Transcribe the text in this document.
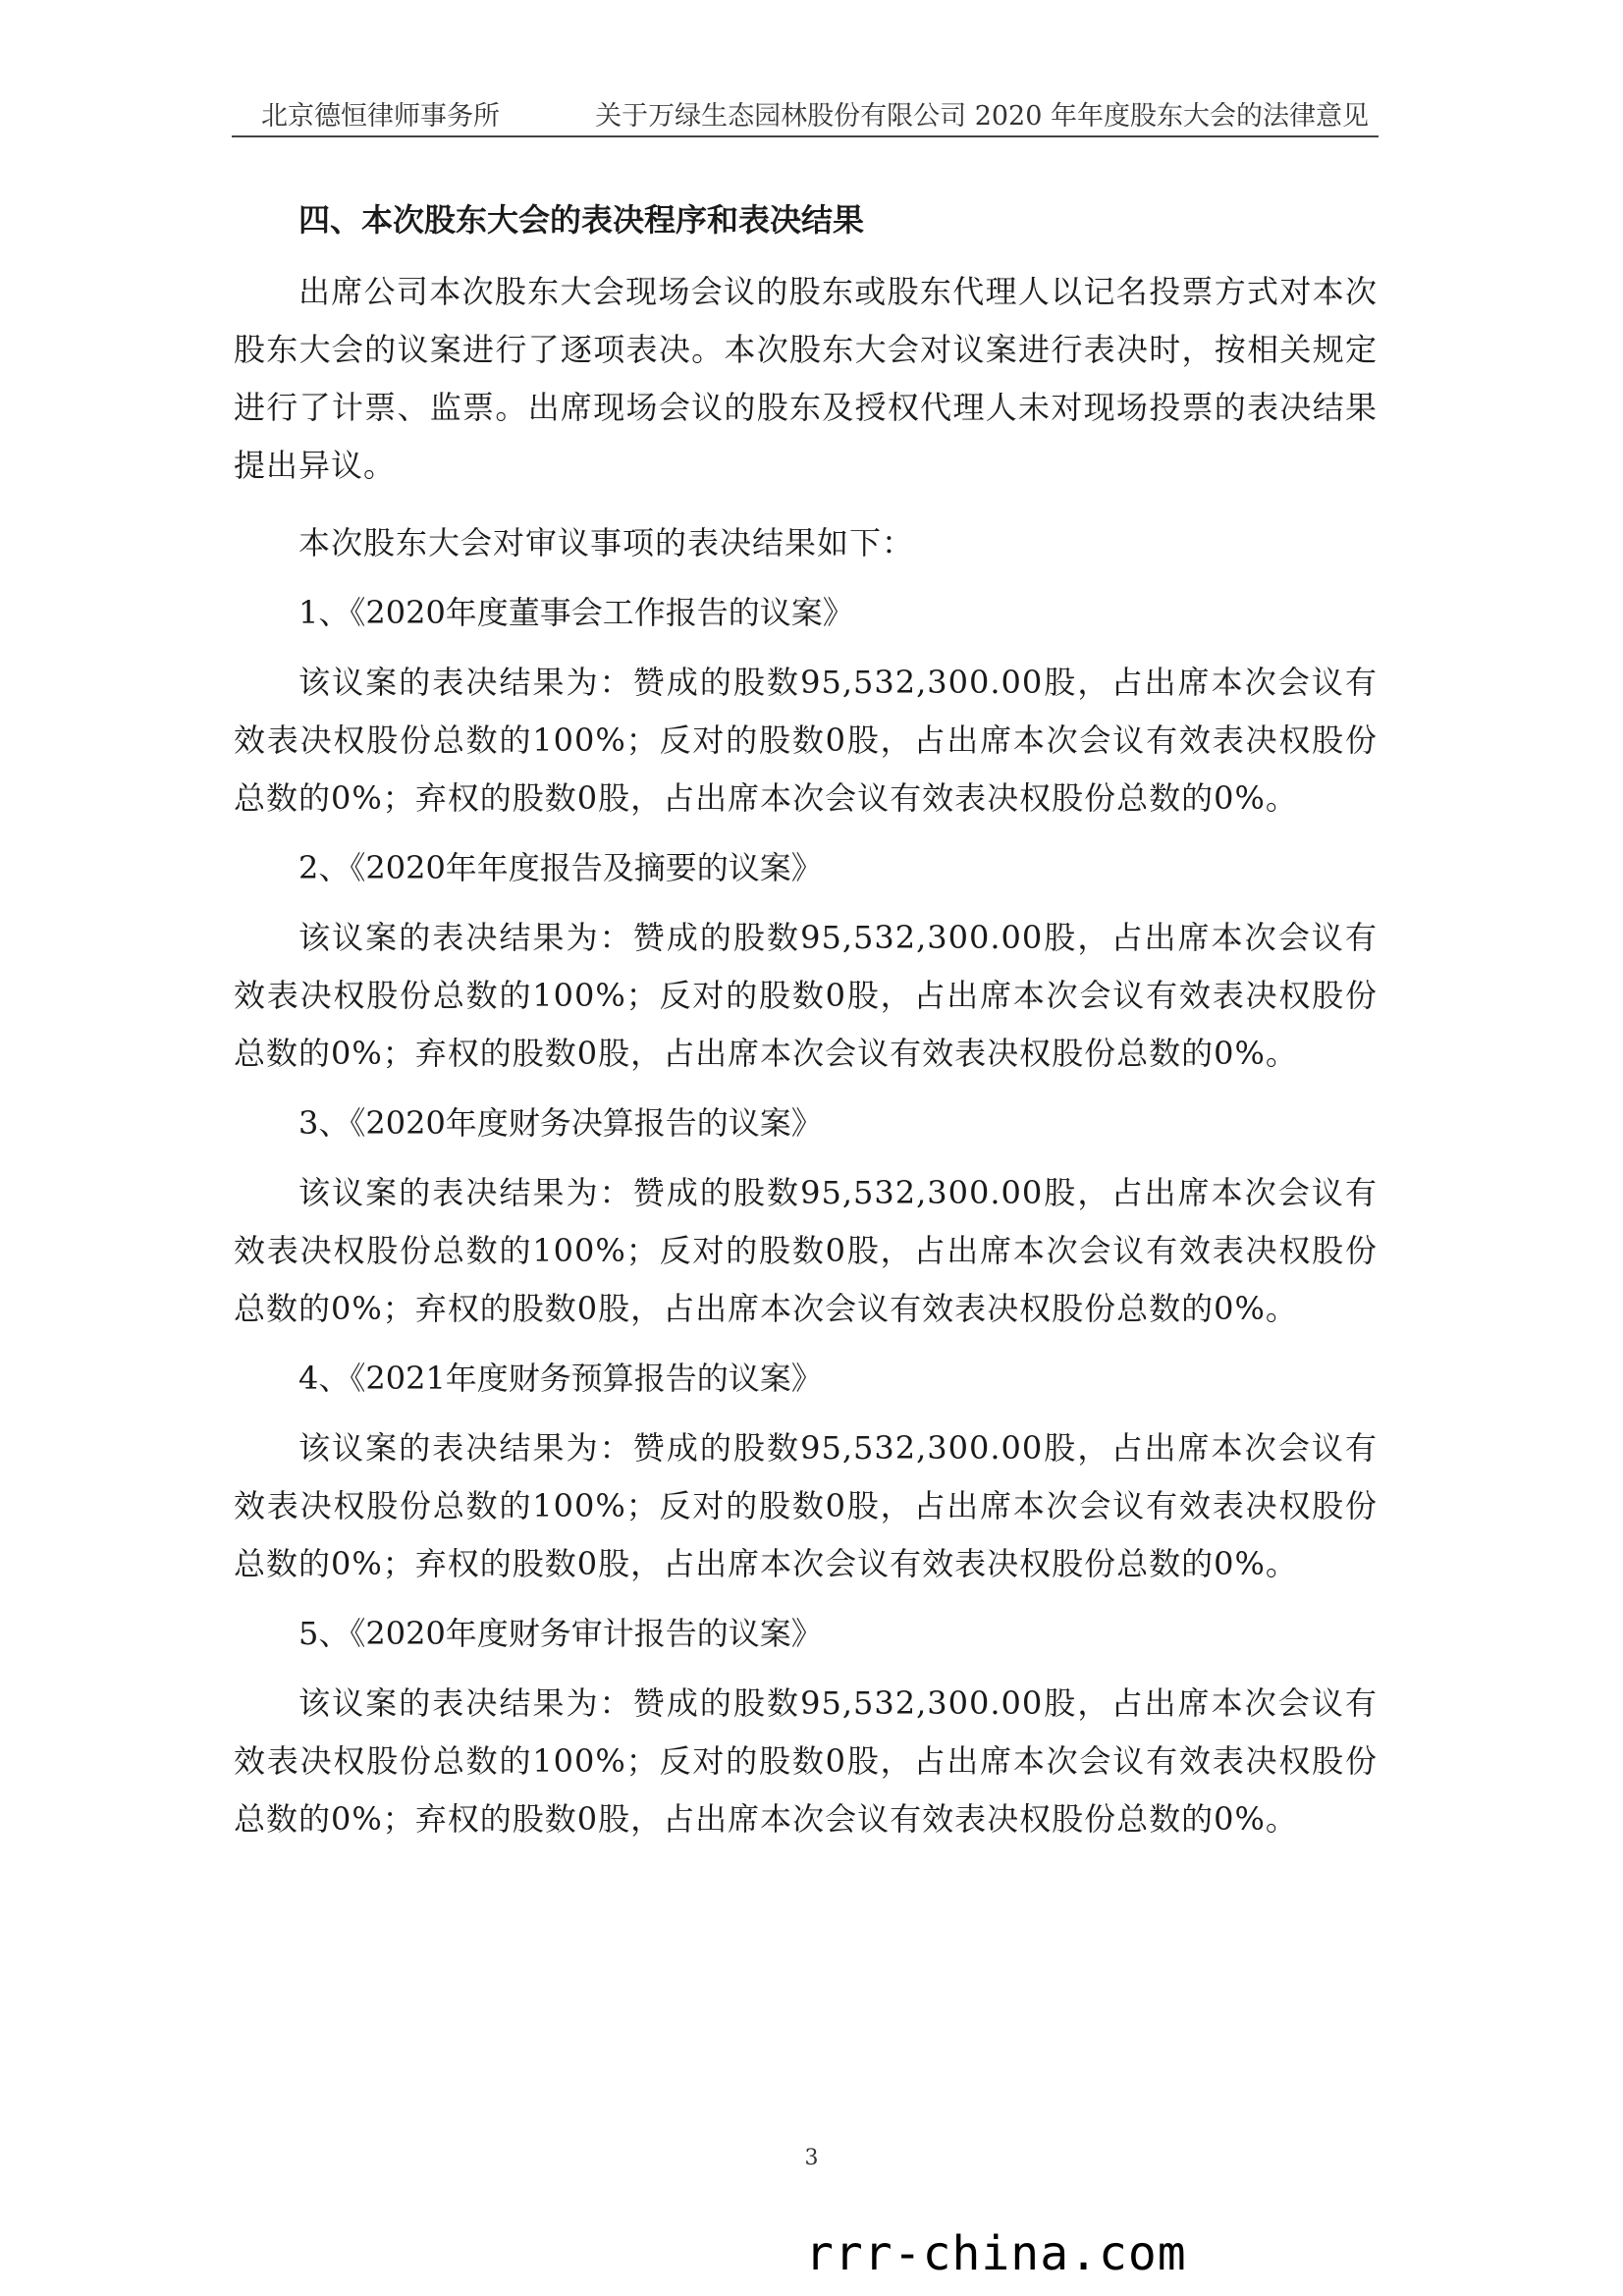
北京德恒律师事务所	关于万绿生态园林股份有限公司 2020 年年度股东大会的法律意见

四、本次股东大会的表决程序和表决结果

出席公司本次股东大会现场会议的股东或股东代理人以记名投票方式对本次股东大会的议案进行了逐项表决。本次股东大会对议案进行表决时，按相关规定进行了计票、监票。出席现场会议的股东及授权代理人未对现场投票的表决结果提出异议。

本次股东大会对审议事项的表决结果如下：

1、《2020年度董事会工作报告的议案》

该议案的表决结果为：赞成的股数95,532,300.00股，占出席本次会议有效表决权股份总数的100%；反对的股数0股，占出席本次会议有效表决权股份总数的0%；弃权的股数0股，占出席本次会议有效表决权股份总数的0%。

2、《2020年年度报告及摘要的议案》

该议案的表决结果为：赞成的股数95,532,300.00股，占出席本次会议有效表决权股份总数的100%；反对的股数0股，占出席本次会议有效表决权股份总数的0%；弃权的股数0股，占出席本次会议有效表决权股份总数的0%。

3、《2020年度财务决算报告的议案》

该议案的表决结果为：赞成的股数95,532,300.00股，占出席本次会议有效表决权股份总数的100%；反对的股数0股，占出席本次会议有效表决权股份总数的0%；弃权的股数0股，占出席本次会议有效表决权股份总数的0%。

4、《2021年度财务预算报告的议案》

该议案的表决结果为：赞成的股数95,532,300.00股，占出席本次会议有效表决权股份总数的100%；反对的股数0股，占出席本次会议有效表决权股份总数的0%；弃权的股数0股，占出席本次会议有效表决权股份总数的0%。

5、《2020年度财务审计报告的议案》

该议案的表决结果为：赞成的股数95,532,300.00股，占出席本次会议有效表决权股份总数的100%；反对的股数0股，占出席本次会议有效表决权股份总数的0%；弃权的股数0股，占出席本次会议有效表决权股份总数的0%。

3
rrr-china.com
